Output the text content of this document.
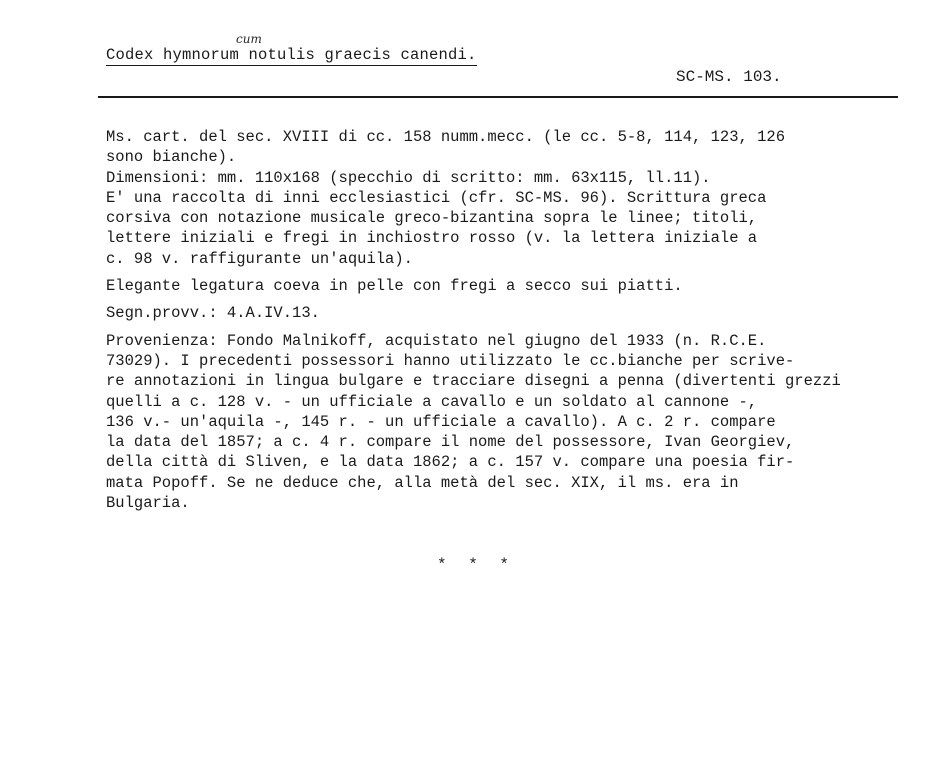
cum
Codex hymnorum notulis graecis canendi.
SC-MS. 103.
Ms. cart. del sec. XVIII di cc. 158 numm.mecc. (le cc. 5-8, 114, 123, 126
sono bianche).
Dimensioni: mm. 110x168 (specchio di scritto: mm. 63x115, ll.11).
E' una raccolta di inni ecclesiastici (cfr. SC-MS. 96). Scrittura greca
corsiva con notazione musicale greco-bizantina sopra le linee; titoli,
lettere iniziali e fregi in inchiostro rosso (v. la lettera iniziale a
c. 98 v. raffigurante un'aquila).
Elegante legatura coeva in pelle con fregi a secco sui piatti.
Segn.provv.: 4.A.IV.13.
Provenienza: Fondo Malnikoff, acquistato nel giugno del 1933 (n. R.C.E.
73029). I precedenti possessori hanno utilizzato le cc.bianche per scrive-
re annotazioni in lingua bulgare e tracciare disegni a penna (divertenti grezzi
quelli a c. 128 v. - un ufficiale a cavallo e un soldato al cannone -,
136 v.- un'aquila -, 145 r. - un ufficiale a cavallo). A c. 2 r. compare
la data del 1857; a c. 4 r. compare il nome del possessore, Ivan Georgiev,
della città di Sliven, e la data 1862; a c. 157 v. compare una poesia fir-
mata Popoff. Se ne deduce che, alla metà del sec. XIX, il ms. era in
Bulgaria.
* * *
